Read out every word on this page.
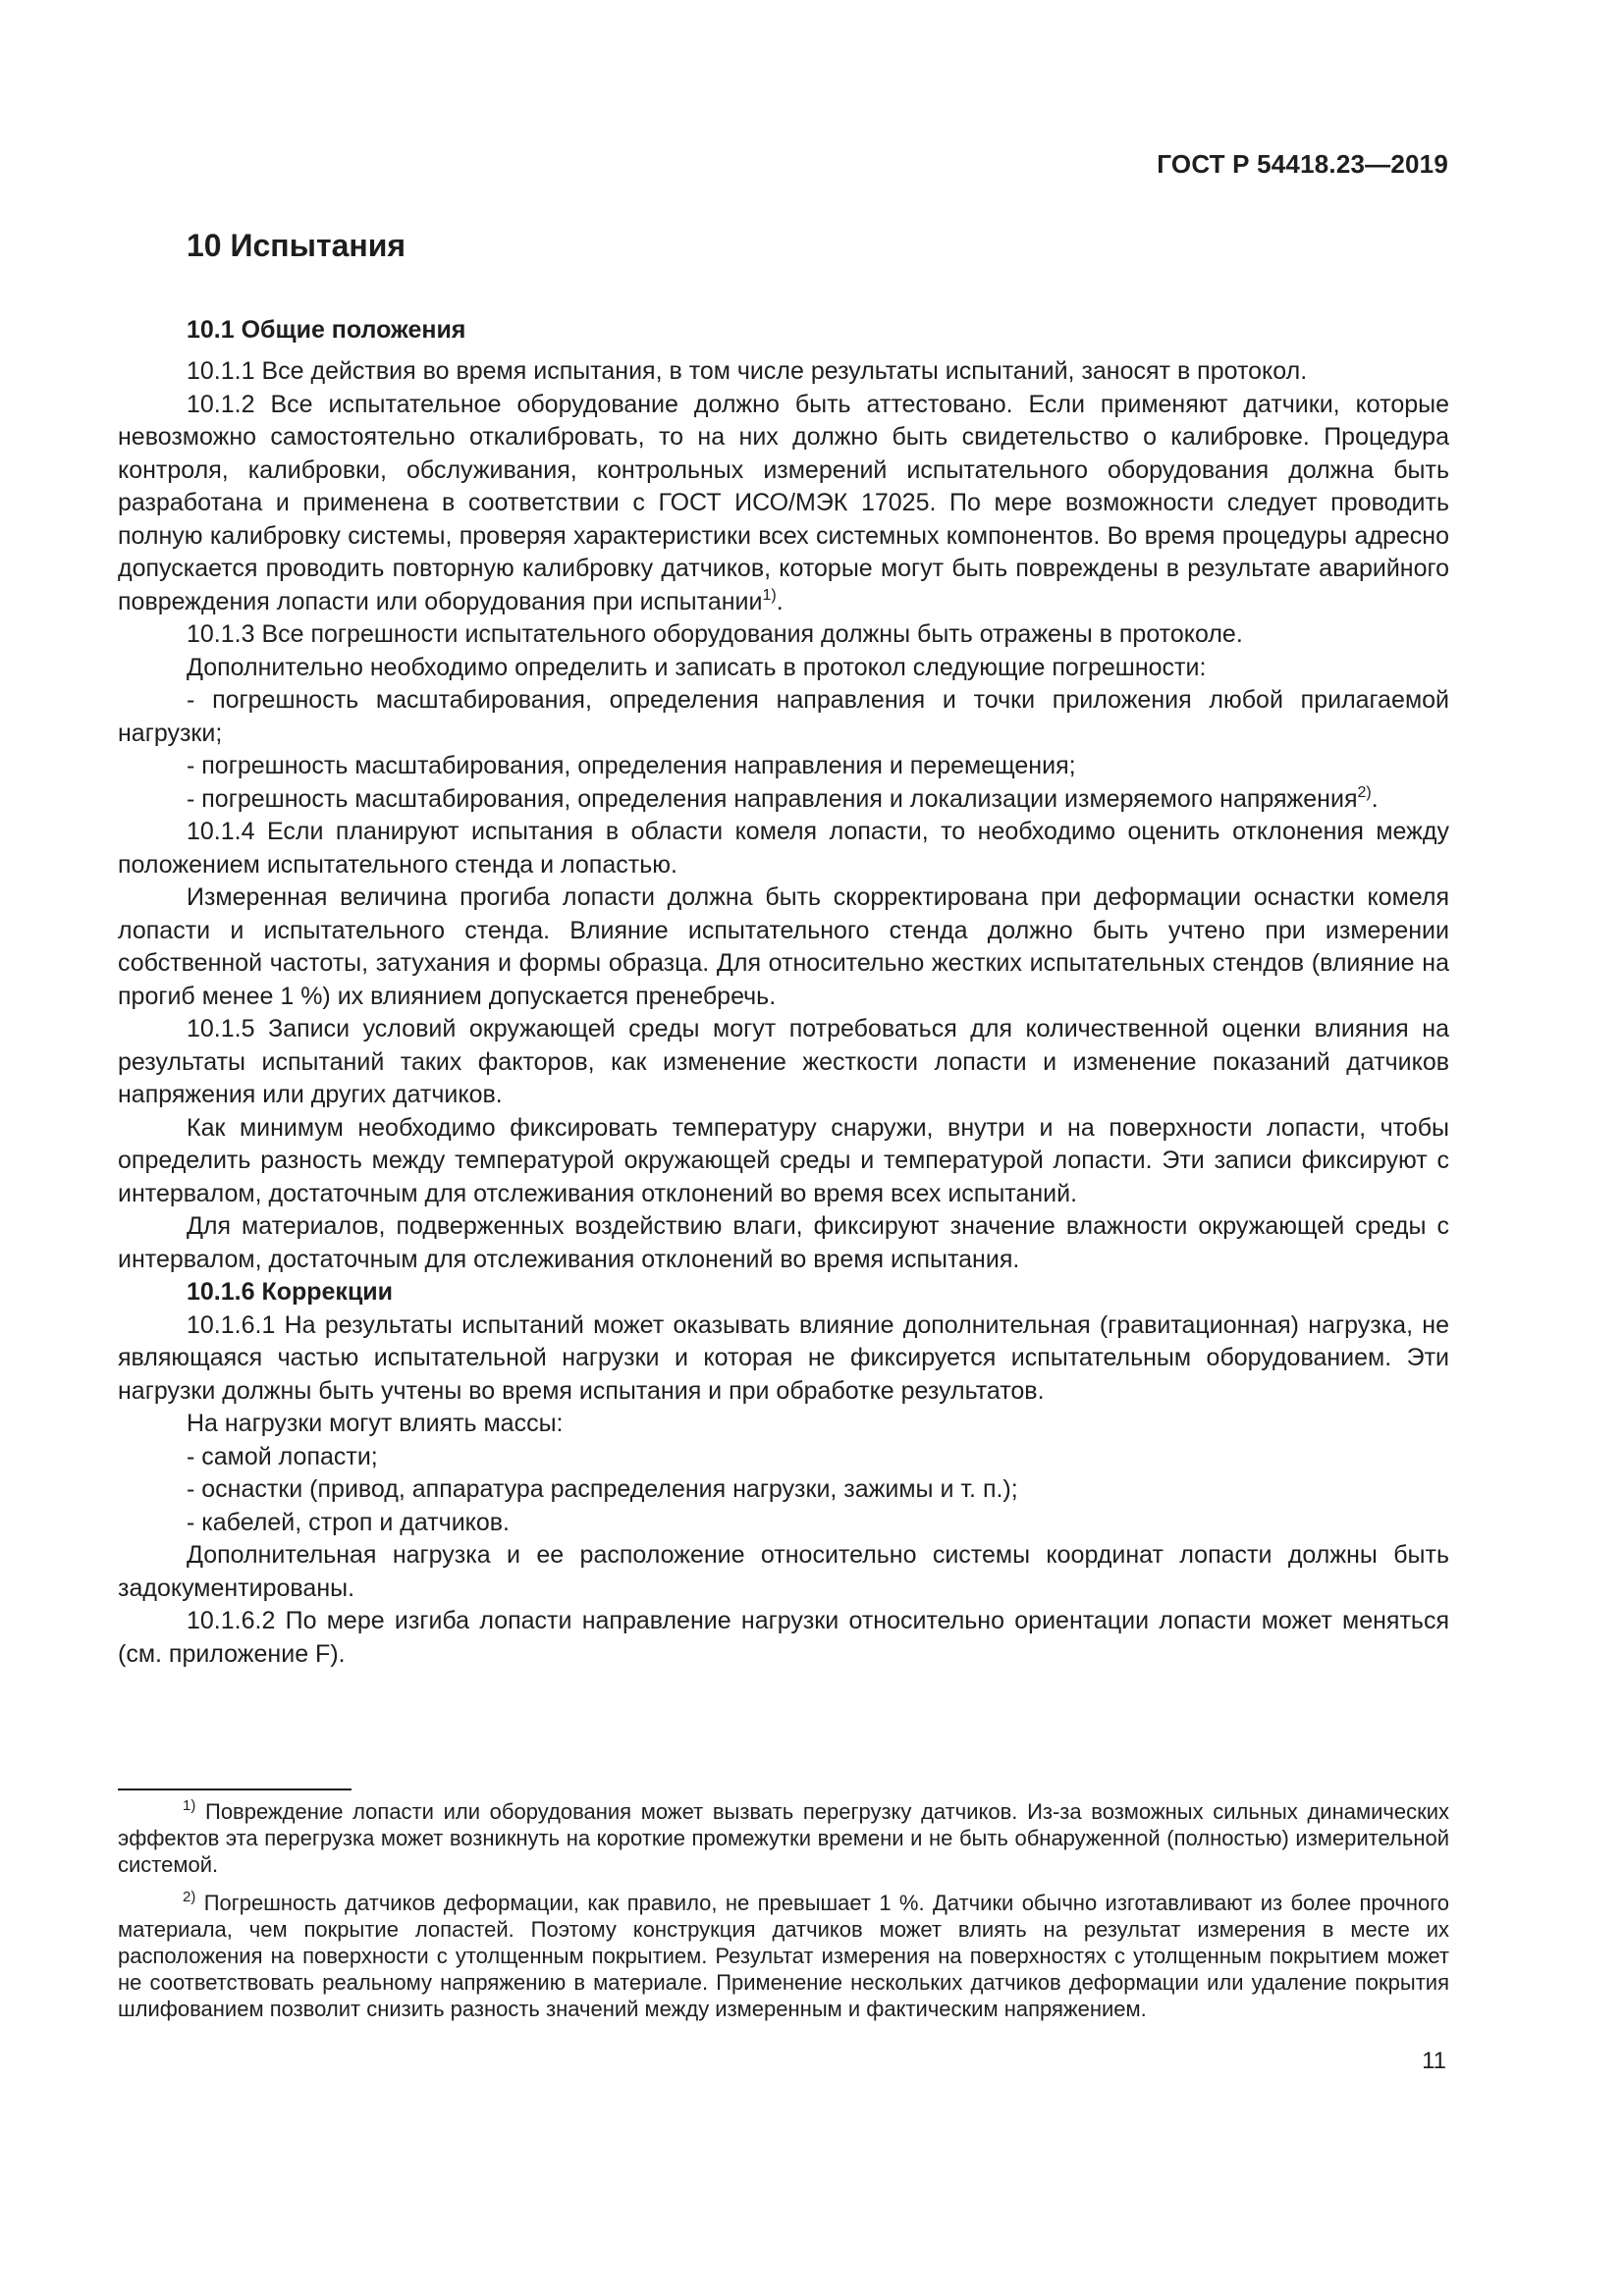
ГОСТ Р 54418.23—2019
10 Испытания
10.1 Общие положения

10.1.1 Все действия во время испытания, в том числе результаты испытаний, заносят в протокол.

10.1.2 Все испытательное оборудование должно быть аттестовано. Если применяют датчики, которые невозможно самостоятельно откалибровать, то на них должно быть свидетельство о калибровке. Процедура контроля, калибровки, обслуживания, контрольных измерений испытательного оборудования должна быть разработана и применена в соответствии с ГОСТ ИСО/МЭК 17025. По мере возможности следует проводить полную калибровку системы, проверяя характеристики всех системных компонентов. Во время процедуры адресно допускается проводить повторную калибровку датчиков, которые могут быть повреждены в результате аварийного повреждения лопасти или оборудования при испытании$^{1)}$.

10.1.3 Все погрешности испытательного оборудования должны быть отражены в протоколе.

Дополнительно необходимо определить и записать в протокол следующие погрешности:

- погрешность масштабирования, определения направления и точки приложения любой прилагаемой нагрузки;

- погрешность масштабирования, определения направления и перемещения;

- погрешность масштабирования, определения направления и локализации измеряемого напряжения$^{2)}$.

10.1.4 Если планируют испытания в области комеля лопасти, то необходимо оценить отклонения между положением испытательного стенда и лопастью.

Измеренная величина прогиба лопасти должна быть скорректирована при деформации оснастки комеля лопасти и испытательного стенда. Влияние испытательного стенда должно быть учтено при измерении собственной частоты, затухания и формы образца. Для относительно жестких испытательных стендов (влияние на прогиб менее 1 %) их влиянием допускается пренебречь.

10.1.5 Записи условий окружающей среды могут потребоваться для количественной оценки влияния на результаты испытаний таких факторов, как изменение жесткости лопасти и изменение показаний датчиков напряжения или других датчиков.

Как минимум необходимо фиксировать температуру снаружи, внутри и на поверхности лопасти, чтобы определить разность между температурой окружающей среды и температурой лопасти. Эти записи фиксируют с интервалом, достаточным для отслеживания отклонений во время всех испытаний.

Для материалов, подверженных воздействию влаги, фиксируют значение влажности окружающей среды с интервалом, достаточным для отслеживания отклонений во время испытания.

10.1.6 Коррекции

10.1.6.1 На результаты испытаний может оказывать влияние дополнительная (гравитационная) нагрузка, не являющаяся частью испытательной нагрузки и которая не фиксируется испытательным оборудованием. Эти нагрузки должны быть учтены во время испытания и при обработке результатов.

На нагрузки могут влиять массы:

- самой лопасти;

- оснастки (привод, аппаратура распределения нагрузки, зажимы и т. п.);

- кабелей, строп и датчиков.

Дополнительная нагрузка и ее расположение относительно системы координат лопасти должны быть задокументированы.

10.1.6.2 По мере изгиба лопасти направление нагрузки относительно ориентации лопасти может меняться (см. приложение F).

$^{1)}$ Повреждение лопасти или оборудования может вызвать перегрузку датчиков. Из-за возможных сильных динамических эффектов эта перегрузка может возникнуть на короткие промежутки времени и не быть обнаруженной (полностью) измерительной системой.

$^{2)}$ Погрешность датчиков деформации, как правило, не превышает 1 %. Датчики обычно изготавливают из более прочного материала, чем покрытие лопастей. Поэтому конструкция датчиков может влиять на результат измерения в месте их расположения на поверхности с утолщенным покрытием. Результат измерения на поверхностях с утолщенным покрытием может не соответствовать реальному напряжению в материале. Применение нескольких датчиков деформации или удаление покрытия шлифованием позволит снизить разность значений между измеренным и фактическим напряжением.

11
